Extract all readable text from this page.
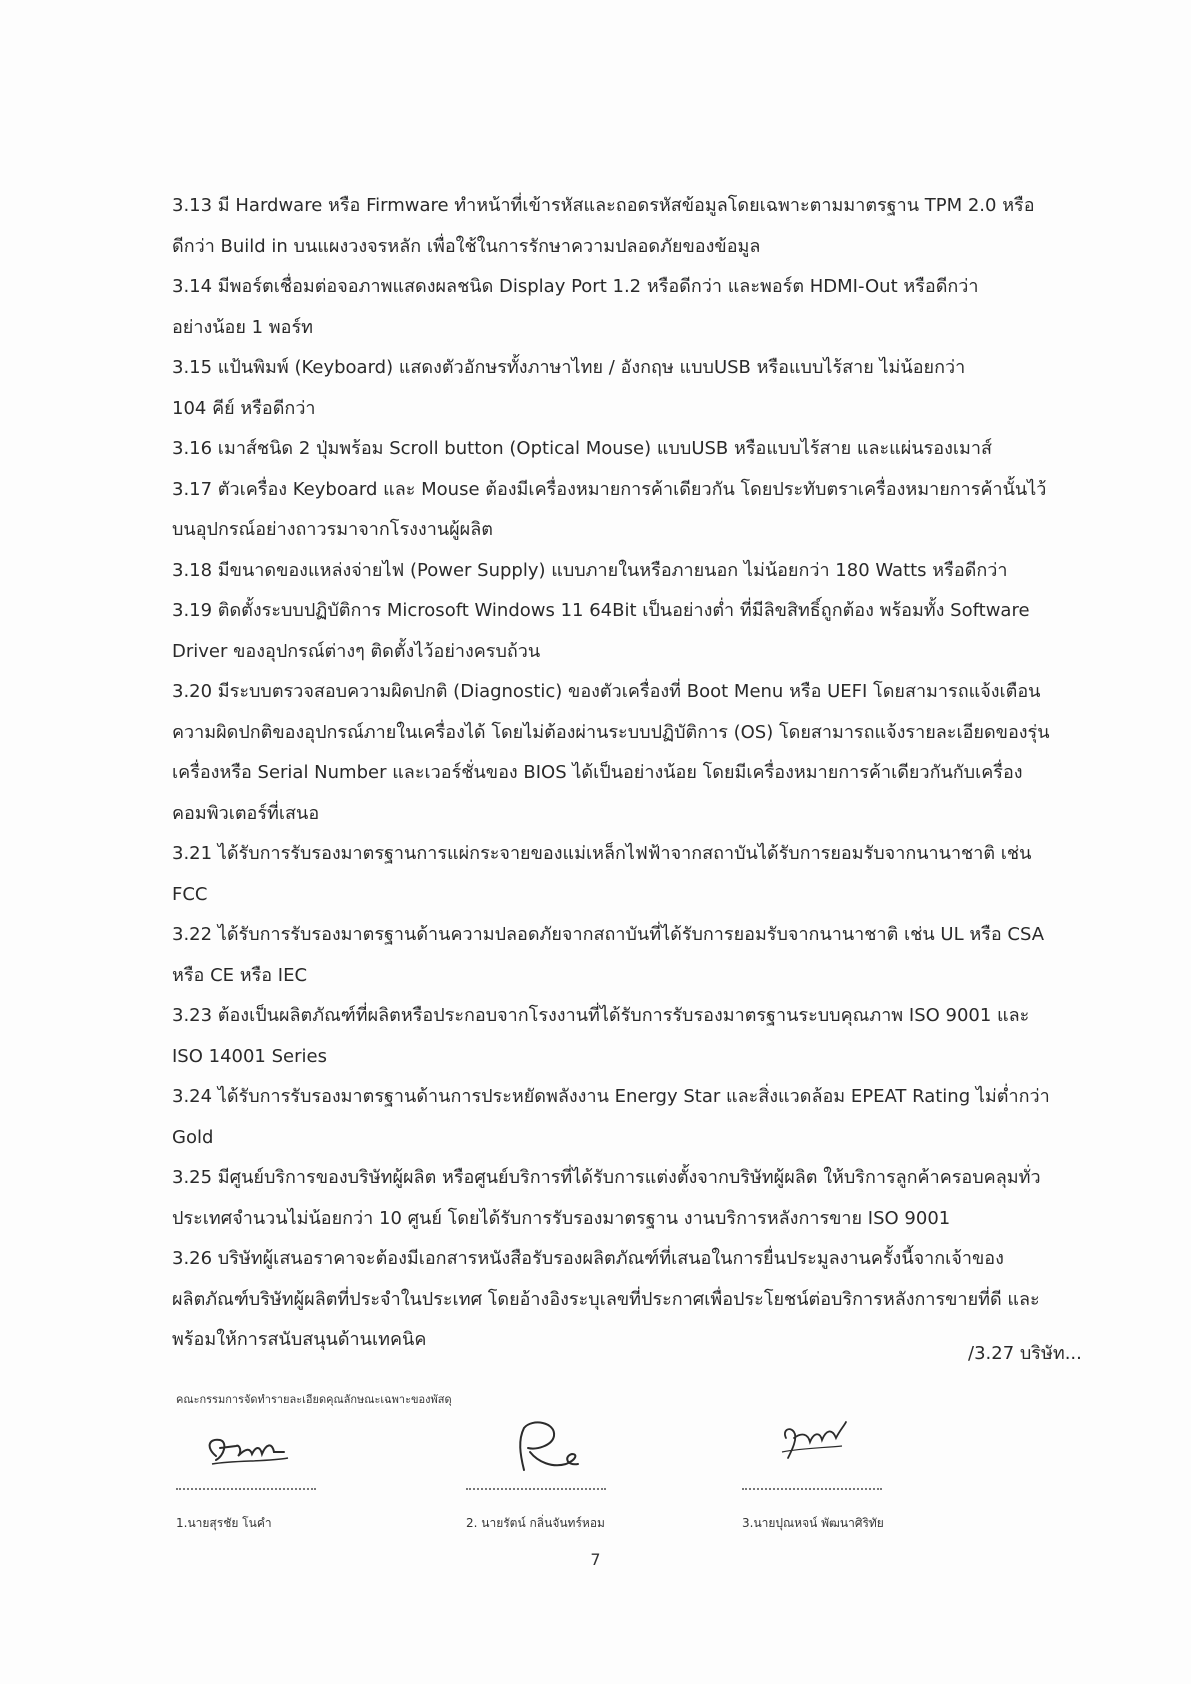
3.13 มี Hardware หรือ Firmware ทำหน้าที่เข้ารหัสและถอดรหัสข้อมูลโดยเฉพาะตามมาตรฐาน TPM 2.0 หรือ
ดีกว่า Build in บนแผงวงจรหลัก เพื่อใช้ในการรักษาความปลอดภัยของข้อมูล
3.14 มีพอร์ตเชื่อมต่อจอภาพแสดงผลชนิด Display Port 1.2 หรือดีกว่า และพอร์ต HDMI-Out หรือดีกว่า
อย่างน้อย 1 พอร์ท
3.15 แป้นพิมพ์ (Keyboard) แสดงตัวอักษรทั้งภาษาไทย / อังกฤษ แบบUSB หรือแบบไร้สาย ไม่น้อยกว่า
104 คีย์ หรือดีกว่า
3.16 เมาส์ชนิด 2 ปุ่มพร้อม Scroll button (Optical Mouse) แบบUSB หรือแบบไร้สาย และแผ่นรองเมาส์
3.17 ตัวเครื่อง Keyboard และ Mouse ต้องมีเครื่องหมายการค้าเดียวกัน โดยประทับตราเครื่องหมายการค้านั้นไว้
บนอุปกรณ์อย่างถาวรมาจากโรงงานผู้ผลิต
3.18 มีขนาดของแหล่งจ่ายไฟ (Power Supply) แบบภายในหรือภายนอก ไม่น้อยกว่า 180 Watts หรือดีกว่า
3.19 ติดตั้งระบบปฏิบัติการ Microsoft Windows 11 64Bit เป็นอย่างต่ำ ที่มีลิขสิทธิ์ถูกต้อง พร้อมทั้ง Software
Driver ของอุปกรณ์ต่างๆ ติดตั้งไว้อย่างครบถ้วน
3.20 มีระบบตรวจสอบความผิดปกติ (Diagnostic) ของตัวเครื่องที่ Boot Menu หรือ UEFI โดยสามารถแจ้งเตือน
ความผิดปกติของอุปกรณ์ภายในเครื่องได้ โดยไม่ต้องผ่านระบบปฏิบัติการ (OS) โดยสามารถแจ้งรายละเอียดของรุ่น
เครื่องหรือ Serial Number และเวอร์ชั่นของ BIOS ได้เป็นอย่างน้อย โดยมีเครื่องหมายการค้าเดียวกันกับเครื่อง
คอมพิวเตอร์ที่เสนอ
3.21 ได้รับการรับรองมาตรฐานการแผ่กระจายของแม่เหล็กไฟฟ้าจากสถาบันได้รับการยอมรับจากนานาชาติ เช่น
FCC
3.22 ได้รับการรับรองมาตรฐานด้านความปลอดภัยจากสถาบันที่ได้รับการยอมรับจากนานาชาติ เช่น UL หรือ CSA
หรือ CE หรือ IEC
3.23 ต้องเป็นผลิตภัณฑ์ที่ผลิตหรือประกอบจากโรงงานที่ได้รับการรับรองมาตรฐานระบบคุณภาพ ISO 9001 และ
ISO 14001 Series
3.24 ได้รับการรับรองมาตรฐานด้านการประหยัดพลังงาน Energy Star และสิ่งแวดล้อม EPEAT Rating ไม่ต่ำกว่า
Gold
3.25 มีศูนย์บริการของบริษัทผู้ผลิต หรือศูนย์บริการที่ได้รับการแต่งตั้งจากบริษัทผู้ผลิต ให้บริการลูกค้าครอบคลุมทั่ว
ประเทศจำนวนไม่น้อยกว่า 10 ศูนย์ โดยได้รับการรับรองมาตรฐาน งานบริการหลังการขาย ISO 9001
3.26 บริษัทผู้เสนอราคาจะต้องมีเอกสารหนังสือรับรองผลิตภัณฑ์ที่เสนอในการยื่นประมูลงานครั้งนี้จากเจ้าของ
ผลิตภัณฑ์บริษัทผู้ผลิตที่ประจำในประเทศ โดยอ้างอิงระบุเลขที่ประกาศเพื่อประโยชน์ต่อบริการหลังการขายที่ดี และ
พร้อมให้การสนับสนุนด้านเทคนิค
/3.27 บริษัท...
คณะกรรมการจัดทำรายละเอียดคุณลักษณะเฉพาะของพัสดุ
1.นายสุรชัย โนคำ	2. นายรัตน์ กลิ่นจันทร์หอม	3.นายปุณหจน์ พัฒนาศิริทัย
7
